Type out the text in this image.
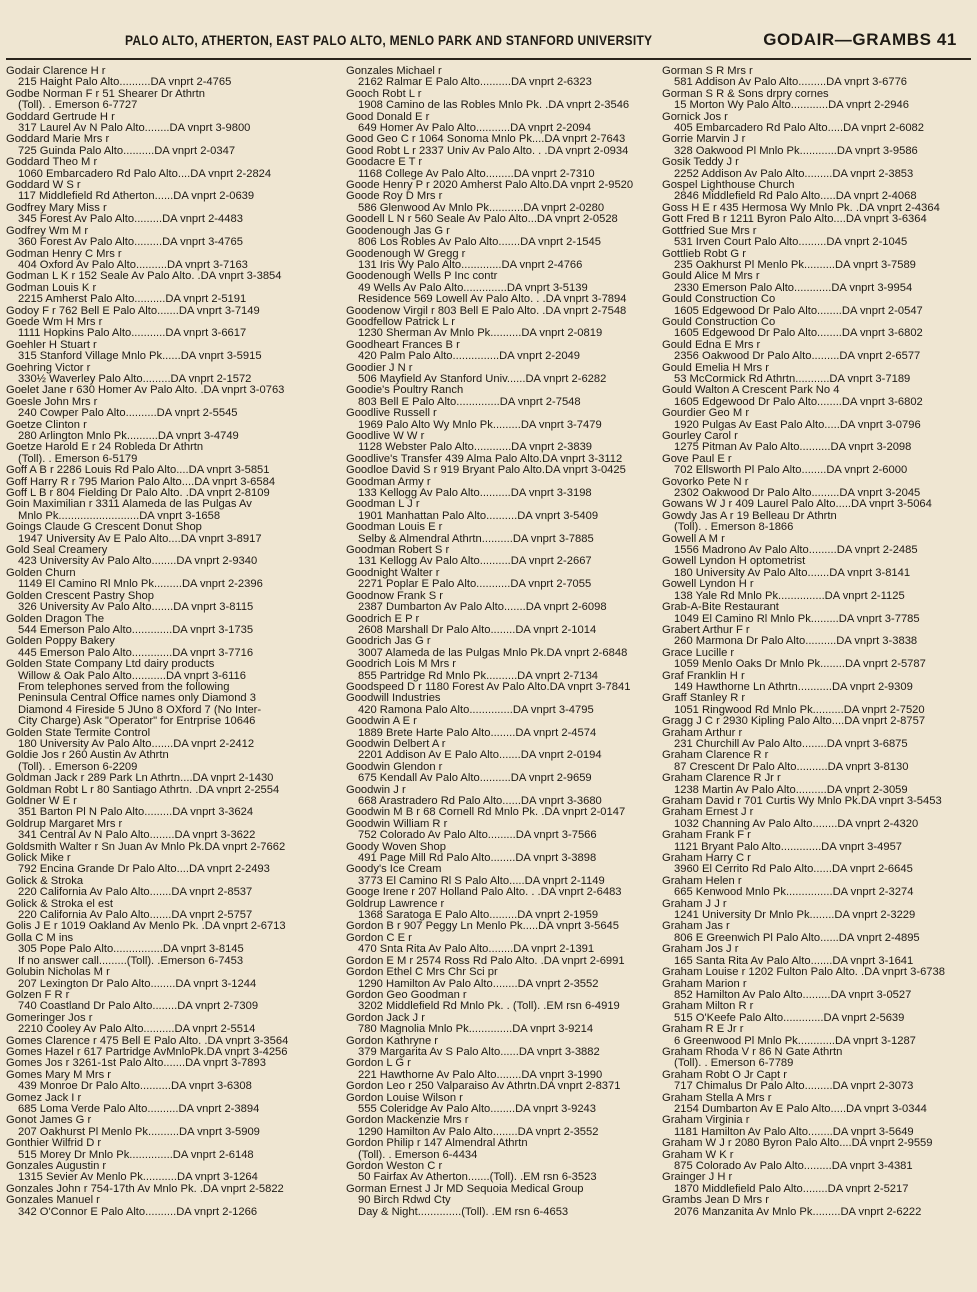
PALO ALTO, ATHERTON, EAST PALO ALTO, MENLO PARK AND STANFORD UNIVERSITY	GODAIR—GRAMBS 41
Godair Clarence H r
215 Haight Palo Alto..........DA vnprt 2-4765
Godbe Norman F r 51 Shearer Dr Athrtn
(Toll). . Emerson 6-7727
Goddard Gertrude H r
317 Laurel Av N Palo Alto........DA vnprt 3-9800
Goddard Marie Mrs r
725 Guinda Palo Alto..........DA vnprt 2-0347
Goddard Theo M r
1060 Embarcadero Rd Palo Alto....DA vnprt 2-2824
Goddard W S r
117 Middlefield Rd Atherton......DA vnprt 2-0639
Godfrey Mary Miss r
345 Forest Av Palo Alto.........DA vnprt 2-4483
Godfrey Wm M r
360 Forest Av Palo Alto.........DA vnprt 3-4765
Godman Henry C Mrs r
404 Oxford Av Palo Alto..........DA vnprt 3-7163
Godman L K r 152 Seale Av Palo Alto. .DA vnprt 3-3854
Godman Louis K r
2215 Amherst Palo Alto..........DA vnprt 2-5191
Godoy F r 762 Bell E Palo Alto.......DA vnprt 3-7149
Goede Wm H Mrs r
1111 Hopkins Palo Alto...........DA vnprt 3-6617
Goehler H Stuart r
315 Stanford Village Mnlo Pk......DA vnprt 3-5915
Goehring Victor r
330½ Waverley Palo Alto.........DA vnprt 2-1572
Goelet Jane r 630 Homer Av Palo Alto. .DA vnprt 3-0763
Goesle John Mrs r
240 Cowper Palo Alto..........DA vnprt 2-5545
Goetze Clinton r
280 Arlington Mnlo Pk..........DA vnprt 3-4749
Goetze Harold E r 24 Robleda Dr Athrtn
(Toll). . Emerson 6-5179
Goff A B r 2286 Louis Rd Palo Alto....DA vnprt 3-5851
Goff Harry R r 795 Marion Palo Alto....DA vnprt 3-6584
Goff L B r 804 Fielding Dr Palo Alto. .DA vnprt 2-8109
Goin Maximilian r 3311 Alameda de las Pulgas Av
Mnlo Pk..........................DA vnprt 3-1658
Goings Claude G Crescent Donut Shop
1947 University Av E Palo Alto....DA vnprt 3-8917
Gold Seal Creamery
423 University Av Palo Alto........DA vnprt 2-9340
Golden Churn
1149 El Camino Rl Mnlo Pk.........DA vnprt 2-2396
Golden Crescent Pastry Shop
326 University Av Palo Alto.......DA vnprt 3-8115
Golden Dragon The
544 Emerson Palo Alto.............DA vnprt 3-1735
Golden Poppy Bakery
445 Emerson Palo Alto.............DA vnprt 3-7716
Golden State Company Ltd dairy products
Willow & Oak Palo Alto...........DA vnprt 3-6116
From telephones served from the following
Peninsula Central Office names only Diamond 3
Diamond 4 Fireside 5 JUno 8 OXford 7 (No Inter-
City Charge) Ask "Operator" for Entrprise 10646
Golden State Termite Control
180 University Av Palo Alto.......DA vnprt 2-2412
Goldie Jos r 260 Austin Av Athrtn
(Toll). . Emerson 6-2209
Goldman Jack r 289 Park Ln Athrtn....DA vnprt 2-1430
Goldman Robt L r 80 Santiago Athrtn. .DA vnprt 2-2554
Goldner W E r
351 Barton Pl N Palo Alto.........DA vnprt 3-3624
Goldrup Margaret Mrs r
341 Central Av N Palo Alto........DA vnprt 3-3622
Goldsmith Walter r Sn Juan Av Mnlo Pk.DA vnprt 2-7662
Golick Mike r
792 Encina Grande Dr Palo Alto....DA vnprt 2-2493
Golick & Stroka
220 California Av Palo Alto.......DA vnprt 2-8537
Golick & Stroka el est
220 California Av Palo Alto.......DA vnprt 2-5757
Golis J E r 1019 Oakland Av Menlo Pk. .DA vnprt 2-6713
Golla C M ins
305 Pope Palo Alto................DA vnprt 3-8145
If no answer call.........(Toll). .Emerson 6-7453
Golubin Nicholas M r
207 Lexington Dr Palo Alto........DA vnprt 3-1244
Golzen F R r
740 Coastland Dr Palo Alto........DA vnprt 2-7309
Gomeringer Jos r
2210 Cooley Av Palo Alto..........DA vnprt 2-5514
Gomes Clarence r 475 Bell E Palo Alto. .DA vnprt 3-3564
Gomes Hazel r 617 Partridge AvMnloPk.DA vnprt 3-4256
Gomes Jos r 3261-1st Palo Alto.......DA vnprt 3-7893
Gomes Mary M Mrs r
439 Monroe Dr Palo Alto..........DA vnprt 3-6308
Gomez Jack I r
685 Loma Verde Palo Alto..........DA vnprt 2-3894
Gonot James G r
207 Oakhurst Pl Menlo Pk..........DA vnprt 3-5909
Gonthier Wilfrid D r
515 Morey Dr Mnlo Pk..............DA vnprt 2-6148
Gonzales Augustin r
1315 Sevier Av Menlo Pk...........DA vnprt 3-1264
Gonzales John r 754-17th Av Mnlo Pk. .DA vnprt 2-5822
Gonzales Manuel r
342 O'Connor E Palo Alto..........DA vnprt 2-1266
Gonzales Michael r
2162 Ralmar E Palo Alto..........DA vnprt 2-6323
Gooch Robt L r
1908 Camino de las Robles Mnlo Pk. .DA vnprt 2-3546
Good Donald E r
649 Homer Av Palo Alto...........DA vnprt 2-2094
Good Geo C r 1064 Sonoma Mnlo Pk....DA vnprt 2-7643
Good Robt L r 2337 Univ Av Palo Alto. . .DA vnprt 2-0934
Goodacre E T r
1168 College Av Palo Alto.........DA vnprt 2-7310
Goode Henry P r 2020 Amherst Palo Alto.DA vnprt 2-9520
Goode Roy D Mrs r
586 Glenwood Av Mnlo Pk...........DA vnprt 2-0280
Goodell L N r 560 Seale Av Palo Alto...DA vnprt 2-0528
Goodenough Jas G r
806 Los Robles Av Palo Alto.......DA vnprt 2-1545
Goodenough W Gregg r
131 Iris Wy Palo Alto.............DA vnprt 2-4766
Goodenough Wells P Inc contr
49 Wells Av Palo Alto..............DA vnprt 3-5139
Residence 569 Lowell Av Palo Alto. . .DA vnprt 3-7894
Goodenow Virgil r 803 Bell E Palo Alto. .DA vnprt 2-7548
Goodfellow Patrick L r
1230 Sherman Av Mnlo Pk..........DA vnprt 2-0819
Goodheart Frances B r
420 Palm Palo Alto...............DA vnprt 2-2049
Goodier J N r
506 Mayfield Av Stanford Univ......DA vnprt 2-6282
Goodie's Poultry Ranch
803 Bell E Palo Alto..............DA vnprt 2-7548
Goodlive Russell r
1969 Palo Alto Wy Mnlo Pk.........DA vnprt 3-7479
Goodlive W W r
1128 Webster Palo Alto............DA vnprt 2-3839
Goodlive's Transfer 439 Alma Palo Alto.DA vnprt 3-3112
Goodloe David S r 919 Bryant Palo Alto.DA vnprt 3-0425
Goodman Army r
133 Kellogg Av Palo Alto..........DA vnprt 3-3198
Goodman L J r
1901 Manhattan Palo Alto..........DA vnprt 3-5409
Goodman Louis E r
Selby & Almendral Athrtn..........DA vnprt 3-7885
Goodman Robert S r
131 Kellogg Av Palo Alto..........DA vnprt 2-2667
Goodnight Walter r
2271 Poplar E Palo Alto...........DA vnprt 2-7055
Goodnow Frank S r
2387 Dumbarton Av Palo Alto.......DA vnprt 2-6098
Goodrich E P r
2608 Marshall Dr Palo Alto........DA vnprt 2-1014
Goodrich Jas G r
3007 Alameda de las Pulgas Mnlo Pk.DA vnprt 2-6848
Goodrich Lois M Mrs r
855 Partridge Rd Mnlo Pk..........DA vnprt 2-7134
Goodspeed D r 1180 Forest Av Palo Alto.DA vnprt 3-7841
Goodwill Industries
420 Ramona Palo Alto..............DA vnprt 3-4795
Goodwin A E r
1889 Brete Harte Palo Alto........DA vnprt 2-4574
Goodwin Delbert A r
2201 Addison Av E Palo Alto.......DA vnprt 2-0194
Goodwin Glendon r
675 Kendall Av Palo Alto..........DA vnprt 2-9659
Goodwin J r
668 Arastradero Rd Palo Alto......DA vnprt 3-3680
Goodwin M B r 68 Cornell Rd Mnlo Pk. .DA vnprt 2-0147
Goodwin William R r
752 Colorado Av Palo Alto.........DA vnprt 3-7566
Goody Woven Shop
491 Page Mill Rd Palo Alto........DA vnprt 3-3898
Goody's Ice Cream
3773 El Camino Rl S Palo Alto.....DA vnprt 2-1149
Googe Irene r 207 Holland Palo Alto. . .DA vnprt 2-6483
Goldrup Lawrence r
1368 Saratoga E Palo Alto.........DA vnprt 2-1959
Gordon B r 907 Peggy Ln Menlo Pk.....DA vnprt 3-5645
Gordon C E r
470 Snta Rita Av Palo Alto........DA vnprt 2-1391
Gordon E M r 2574 Ross Rd Palo Alto. .DA vnprt 2-6991
Gordon Ethel C Mrs Chr Sci pr
1290 Hamilton Av Palo Alto........DA vnprt 2-3552
Gordon Geo Goodman r
3202 Middlefield Rd Mnlo Pk. . (Toll). .EM rsn 6-4919
Gordon Jack J r
780 Magnolia Mnlo Pk..............DA vnprt 3-9214
Gordon Kathryne r
379 Margarita Av S Palo Alto......DA vnprt 3-3882
Gordon L G r
221 Hawthorne Av Palo Alto........DA vnprt 3-1990
Gordon Leo r 250 Valparaiso Av Athrtn.DA vnprt 2-8371
Gordon Louise Wilson r
555 Coleridge Av Palo Alto........DA vnprt 3-9243
Gordon Mackenzie Mrs r
1290 Hamilton Av Palo Alto........DA vnprt 2-3552
Gordon Philip r 147 Almendral Athrtn
(Toll). . Emerson 6-4434
Gordon Weston C r
50 Fairfax Av Atherton.......(Toll). .EM rsn 6-3523
Gorman Ernest J Jr MD Sequoia Medical Group
90 Birch Rdwd Cty
Day & Night..............(Toll). .EM rsn 6-4653
Gorman S R Mrs r
581 Addison Av Palo Alto.........DA vnprt 3-6776
Gorman S R & Sons drpry cornes
15 Morton Wy Palo Alto............DA vnprt 2-2946
Gornick Jos r
405 Embarcadero Rd Palo Alto.....DA vnprt 2-6082
Gorrie Marvin J r
328 Oakwood Pl Mnlo Pk............DA vnprt 3-9586
Gosik Teddy J r
2252 Addison Av Palo Alto.........DA vnprt 2-3853
Gospel Lighthouse Church
2846 Middlefield Rd Palo Alto.....DA vnprt 2-4068
Goss H E r 435 Hermosa Wy Mnlo Pk. .DA vnprt 2-4364
Gott Fred B r 1211 Byron Palo Alto....DA vnprt 3-6364
Gottfried Sue Mrs r
531 Irven Court Palo Alto.........DA vnprt 2-1045
Gottlieb Robt G r
235 Oakhurst Pl Menlo Pk..........DA vnprt 3-7589
Gould Alice M Mrs r
2330 Emerson Palo Alto............DA vnprt 3-9954
Gould Construction Co
1605 Edgewood Dr Palo Alto........DA vnprt 2-0547
Gould Construction Co
1605 Edgewood Dr Palo Alto........DA vnprt 3-6802
Gould Edna E Mrs r
2356 Oakwood Dr Palo Alto.........DA vnprt 2-6577
Gould Emelia H Mrs r
53 McCormick Rd Athrtn...........DA vnprt 3-7189
Gould Walton A Crescent Park No 4
1605 Edgewood Dr Palo Alto........DA vnprt 3-6802
Gourdier Geo M r
1920 Pulgas Av East Palo Alto.....DA vnprt 3-0796
Gourley Carol r
1275 Pitman Av Palo Alto..........DA vnprt 3-2098
Gove Paul E r
702 Ellsworth Pl Palo Alto........DA vnprt 2-6000
Govorko Pete N r
2302 Oakwood Dr Palo Alto.........DA vnprt 3-2045
Gowans W J r 409 Laurel Palo Alto.....DA vnprt 3-5064
Gowdy Jas A r 19 Belleau Dr Athrtn
(Toll). . Emerson 8-1866
Gowell A M r
1556 Madrono Av Palo Alto.........DA vnprt 2-2485
Gowell Lyndon H optometrist
180 University Av Palo Alto.......DA vnprt 3-8141
Gowell Lyndon H r
138 Yale Rd Mnlo Pk...............DA vnprt 2-1125
Grab-A-Bite Restaurant
1049 El Camino Rl Mnlo Pk.........DA vnprt 3-7785
Grabert Arthur F r
260 Marmona Dr Palo Alto..........DA vnprt 3-3838
Grace Lucille r
1059 Menlo Oaks Dr Mnlo Pk........DA vnprt 2-5787
Graf Franklin H r
149 Hawthorne Ln Athrtn...........DA vnprt 2-9309
Graff Stanley R r
1051 Ringwood Rd Mnlo Pk..........DA vnprt 2-7520
Gragg J C r 2930 Kipling Palo Alto....DA vnprt 2-8757
Graham Arthur r
231 Churchill Av Palo Alto........DA vnprt 3-6875
Graham Clarence R r
87 Crescent Dr Palo Alto..........DA vnprt 3-8130
Graham Clarence R Jr r
1238 Martin Av Palo Alto..........DA vnprt 2-3059
Graham David r 701 Curtis Wy Mnlo Pk.DA vnprt 3-5453
Graham Ernest J r
1032 Channing Av Palo Alto........DA vnprt 2-4320
Graham Frank F r
1121 Bryant Palo Alto.............DA vnprt 3-4957
Graham Harry C r
3960 El Cerrito Rd Palo Alto......DA vnprt 2-6645
Graham Helen r
665 Kenwood Mnlo Pk...............DA vnprt 2-3274
Graham J J r
1241 University Dr Mnlo Pk........DA vnprt 2-3229
Graham Jas r
806 E Greenwich Pl Palo Alto......DA vnprt 2-4895
Graham Jos J r
165 Santa Rita Av Palo Alto.......DA vnprt 3-1641
Graham Louise r 1202 Fulton Palo Alto. .DA vnprt 3-6738
Graham Marion r
852 Hamilton Av Palo Alto.........DA vnprt 3-0527
Graham Milton R r
515 O'Keefe Palo Alto.............DA vnprt 2-5639
Graham R E Jr r
6 Greenwood Pl Mnlo Pk............DA vnprt 3-1287
Graham Rhoda V r 86 N Gate Athrtn
(Toll). . Emerson 6-7789
Graham Robt O Jr Capt r
717 Chimalus Dr Palo Alto.........DA vnprt 2-3073
Graham Stella A Mrs r
2154 Dumbarton Av E Palo Alto.....DA vnprt 3-0344
Graham Virginia r
1181 Hamilton Av Palo Alto........DA vnprt 3-5649
Graham W J r 2080 Byron Palo Alto....DA vnprt 2-9559
Graham W K r
875 Colorado Av Palo Alto.........DA vnprt 3-4381
Grainger J H r
1870 Middlefield Palo Alto........DA vnprt 2-5217
Grambs Jean D Mrs r
2076 Manzanita Av Mnlo Pk.........DA vnprt 2-6222
